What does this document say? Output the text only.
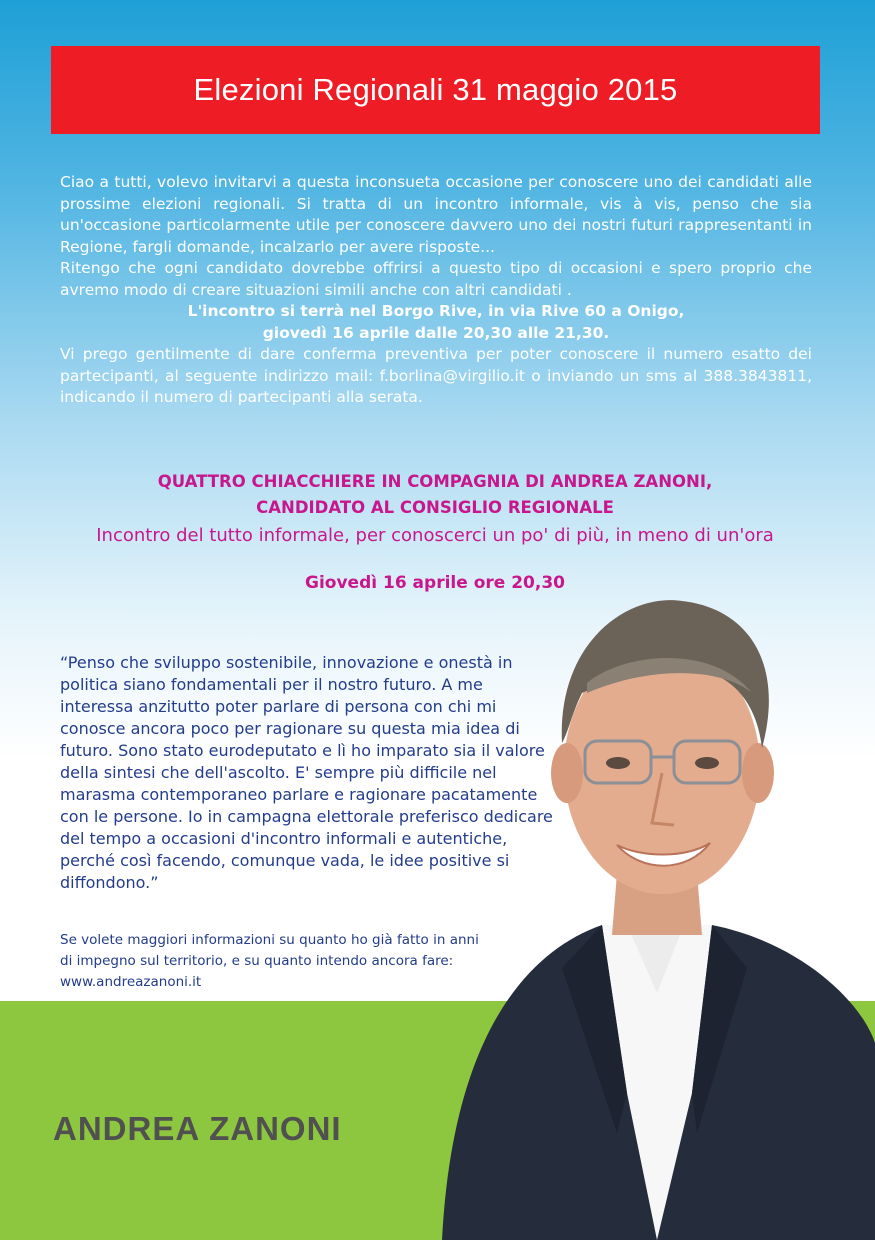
Elezioni Regionali 31 maggio 2015

Ciao a tutti, volevo invitarvi a questa inconsueta occasione per conoscere uno dei candidati alle prossime elezioni regionali. Si tratta di un incontro informale, vis à vis, penso che sia un'occasione particolarmente utile per conoscere davvero uno dei nostri futuri rappresentanti in Regione, fargli domande, incalzarlo per avere risposte...

Ritengo che ogni candidato dovrebbe offrirsi a questo tipo di occasioni e spero proprio che avremo modo di creare situazioni simili anche con altri candidati .

L'incontro si terrà nel Borgo Rive, in via Rive 60 a Onigo,

giovedì 16 aprile dalle 20,30 alle 21,30.

Vi prego gentilmente di dare conferma preventiva per poter conoscere il numero esatto dei partecipanti, al seguente indirizzo mail: f.borlina@virgilio.it o inviando un sms al 388.3843811, indicando il numero di partecipanti alla serata.

QUATTRO CHIACCHIERE IN COMPAGNIA DI ANDREA ZANONI,
CANDIDATO AL CONSIGLIO REGIONALE
Incontro del tutto informale, per conoscerci un po' di più, in meno di un'ora
Giovedì 16 aprile ore 20,30

“Penso che sviluppo sostenibile, innovazione e onestà in politica siano fondamentali per il nostro futuro. A me interessa anzitutto poter parlare di persona con chi mi conosce ancora poco per ragionare su questa mia idea di futuro. Sono stato eurodeputato e lì ho imparato sia il valore della sintesi che dell'ascolto. E' sempre più difficile nel marasma contemporaneo parlare e ragionare pacatamente con le persone. Io in campagna elettorale preferisco dedicare del tempo a occasioni d'incontro informali e autentiche, perché così facendo, comunque vada, le idee positive si diffondono.”

Se volete maggiori informazioni su quanto ho già fatto in anni di impegno sul territorio, e su quanto intendo ancora fare: www.andreazanoni.it

ANDREA ZANONI
